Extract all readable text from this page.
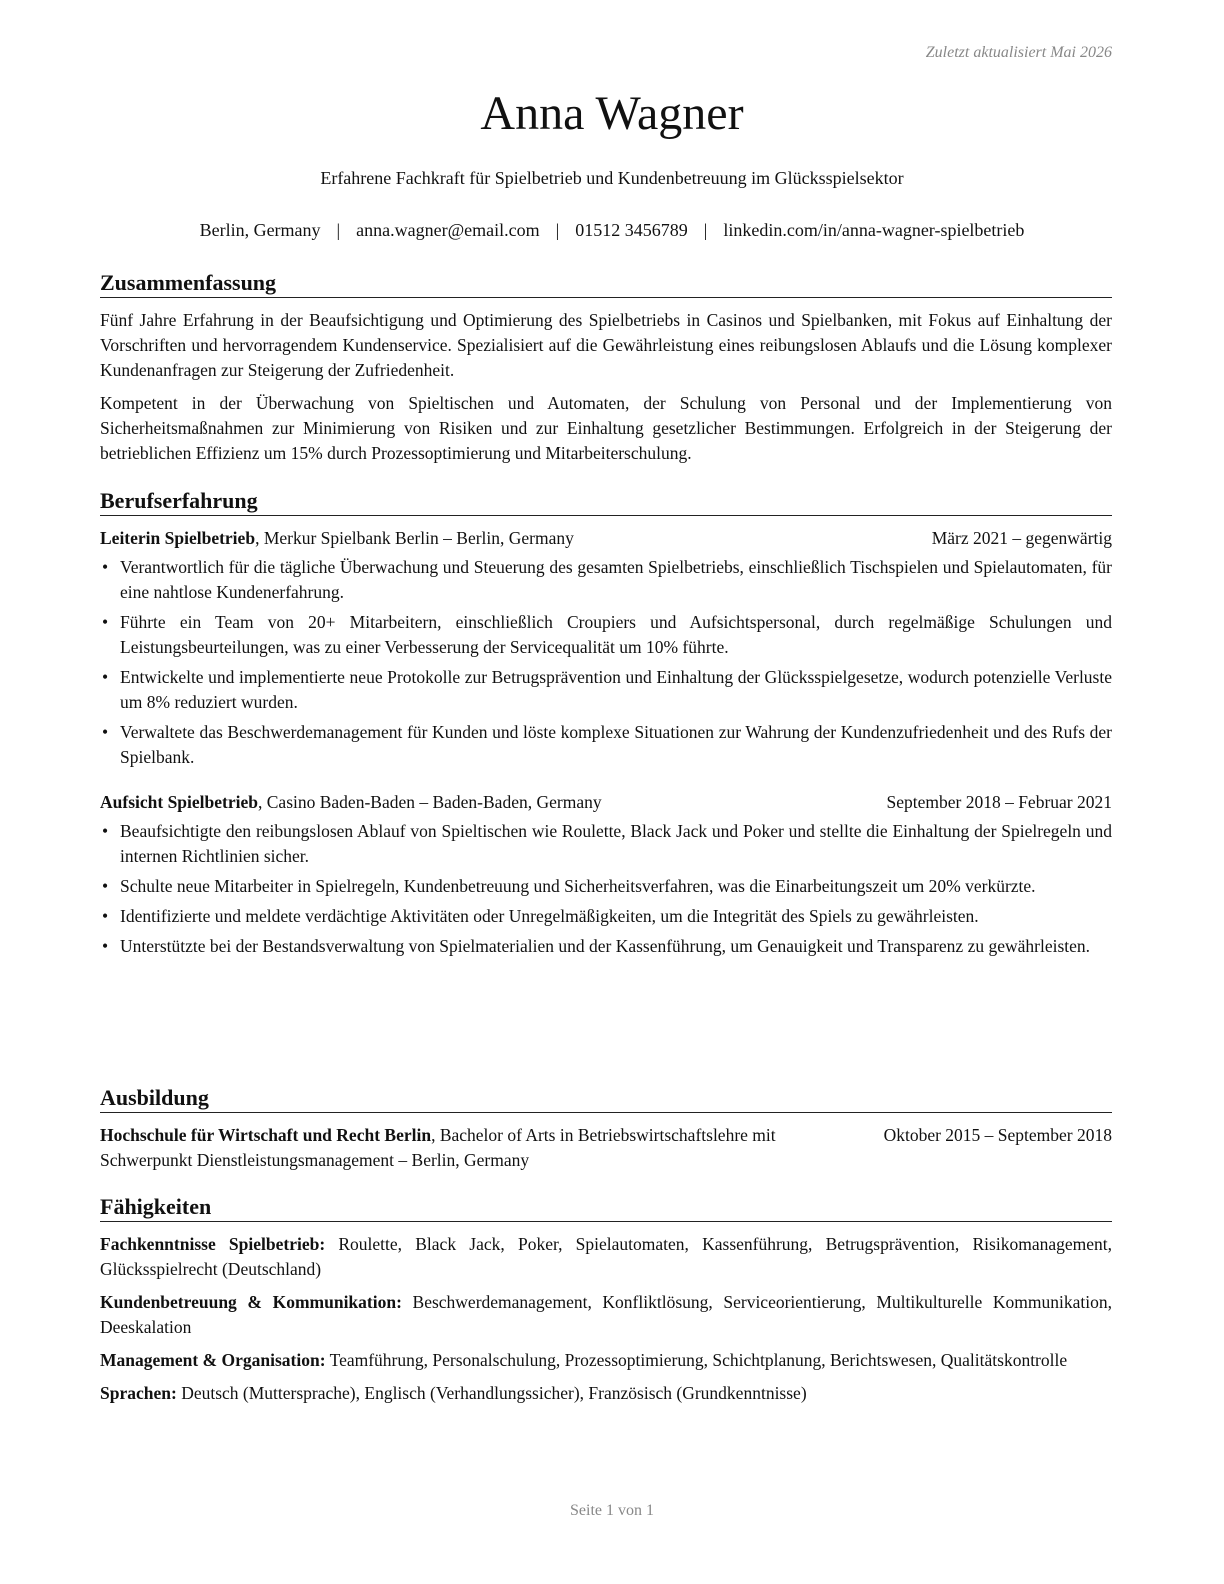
Zuletzt aktualisiert Mai 2026
Anna Wagner
Erfahrene Fachkraft für Spielbetrieb und Kundenbetreuung im Glücksspielsektor
Berlin, Germany | anna.wagner@email.com | 01512 3456789 | linkedin.com/in/anna-wagner-spielbetrieb
Zusammenfassung

Fünf Jahre Erfahrung in der Beaufsichtigung und Optimierung des Spielbetriebs in Casinos und Spielbanken, mit Fokus auf Einhaltung der Vorschriften und hervorragendem Kundenservice. Spezialisiert auf die Gewährleistung eines reibungslosen Ablaufs und die Lösung komplexer Kundenanfragen zur Steigerung der Zufriedenheit.

Kompetent in der Überwachung von Spieltischen und Automaten, der Schulung von Personal und der Implementierung von Sicherheitsmaßnahmen zur Minimierung von Risiken und zur Einhaltung gesetzlicher Bestimmungen. Erfolgreich in der Steigerung der betrieblichen Effizienz um 15% durch Prozessoptimierung und Mitarbeiterschulung.

Berufserfahrung
Leiterin Spielbetrieb, Merkur Spielbank Berlin – Berlin, Germany	März 2021 – gegenwärtig
• Verantwortlich für die tägliche Überwachung und Steuerung des gesamten Spielbetriebs, einschließlich Tischspielen und Spielautomaten, für eine nahtlose Kundenerfahrung.
• Führte ein Team von 20+ Mitarbeitern, einschließlich Croupiers und Aufsichtspersonal, durch regelmäßige Schulungen und Leistungsbeurteilungen, was zu einer Verbesserung der Servicequalität um 10% führte.
• Entwickelte und implementierte neue Protokolle zur Betrugsprävention und Einhaltung der Glücksspielgesetze, wodurch potenzielle Verluste um 8% reduziert wurden.
• Verwaltete das Beschwerdemanagement für Kunden und löste komplexe Situationen zur Wahrung der Kundenzufriedenheit und des Rufs der Spielbank.
Aufsicht Spielbetrieb, Casino Baden-Baden – Baden-Baden, Germany	September 2018 – Februar 2021
• Beaufsichtigte den reibungslosen Ablauf von Spieltischen wie Roulette, Black Jack und Poker und stellte die Einhaltung der Spielregeln und internen Richtlinien sicher.
• Schulte neue Mitarbeiter in Spielregeln, Kundenbetreuung und Sicherheitsverfahren, was die Einarbeitungszeit um 20% verkürzte.
• Identifizierte und meldete verdächtige Aktivitäten oder Unregelmäßigkeiten, um die Integrität des Spiels zu gewährleisten.
• Unterstützte bei der Bestandsverwaltung von Spielmaterialien und der Kassenführung, um Genauigkeit und Transparenz zu gewährleisten.
Ausbildung
Hochschule für Wirtschaft und Recht Berlin, Bachelor of Arts in Betriebswirtschaftslehre mit Schwerpunkt Dienstleistungsmanagement – Berlin, Germany
Oktober 2015 – September 2018
Fähigkeiten

Fachkenntnisse Spielbetrieb: Roulette, Black Jack, Poker, Spielautomaten, Kassenführung, Betrugsprävention, Risikomanagement, Glücksspielrecht (Deutschland)

Kundenbetreuung & Kommunikation: Beschwerdemanagement, Konfliktlösung, Serviceorientierung, Multikulturelle Kommunikation, Deeskalation

Management & Organisation: Teamführung, Personalschulung, Prozessoptimierung, Schichtplanung, Berichtswesen, Qualitätskontrolle

Sprachen: Deutsch (Muttersprache), Englisch (Verhandlungssicher), Französisch (Grundkenntnisse)

Seite 1 von 1
